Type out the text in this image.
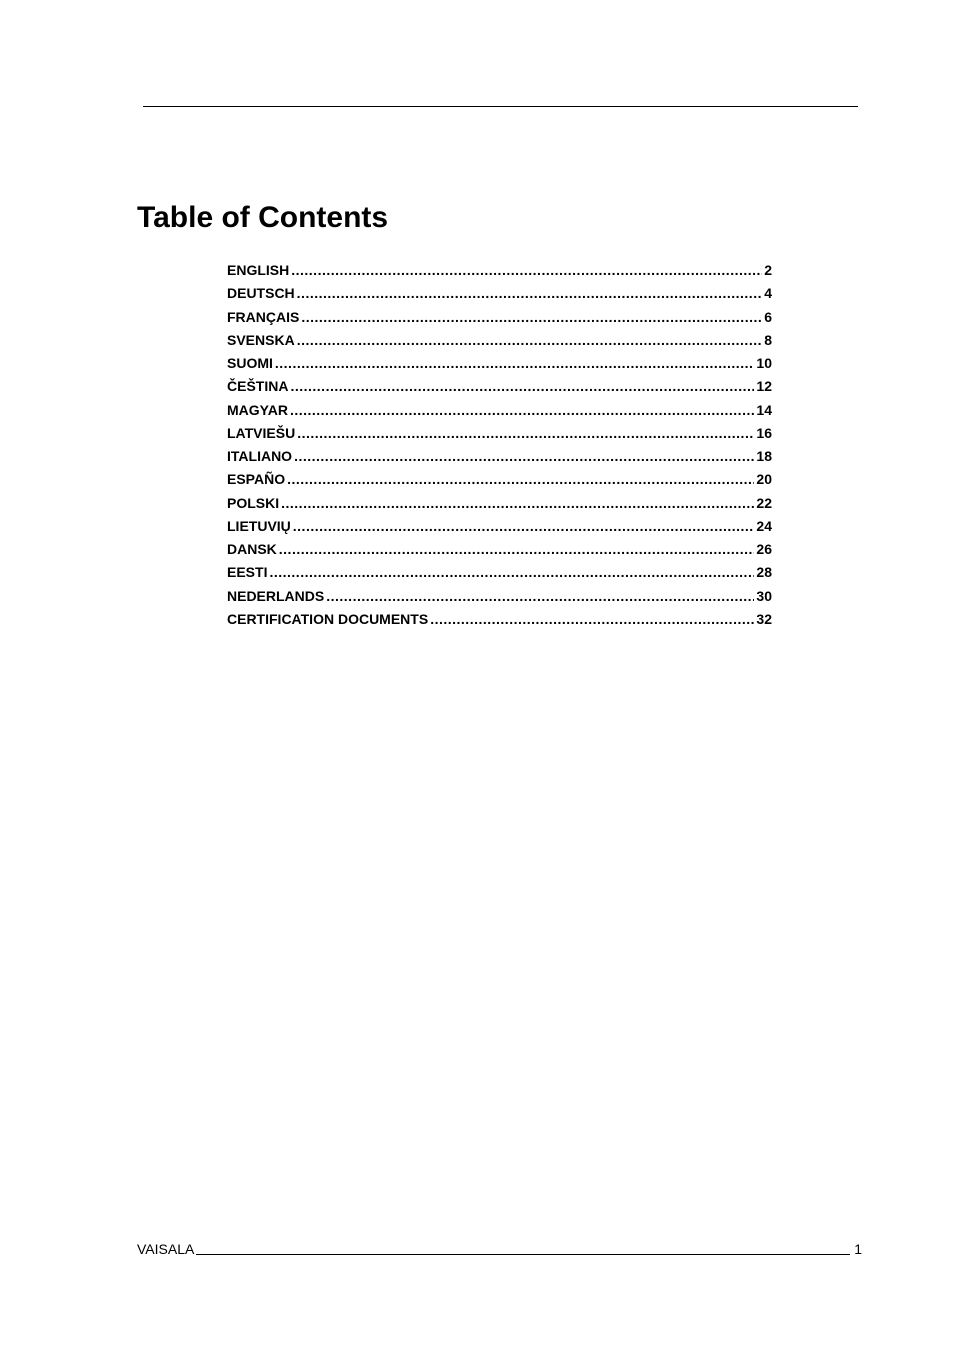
Table of Contents
ENGLISH .....	2
DEUTSCH .....	4
FRANÇAIS .....	6
SVENSKA .....	8
SUOMI .....	10
ČEŠTINA .....	12
MAGYAR .....	14
LATVIEŠU .....	16
ITALIANO .....	18
ESPAÑO .....	20
POLSKI .....	22
LIETUVIŲ .....	24
DANSK .....	26
EESTI .....	28
NEDERLANDS .....	30
CERTIFICATION DOCUMENTS .....	32
VAISALA	1
